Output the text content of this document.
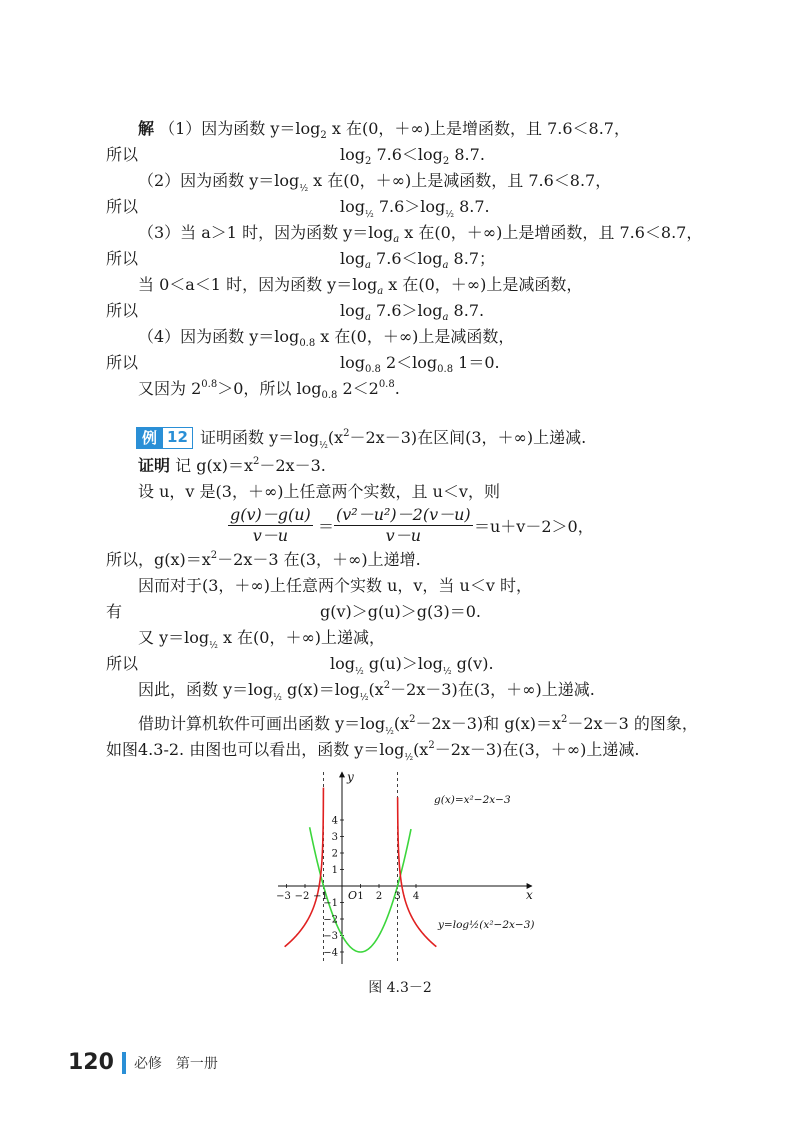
解 （1）因为函数 $y=\log_2$ x 在(0，＋∞)上是增函数，且 7.6＜8.7，
所以	$\log_2 7.6<\log_2$ 8.7.
（2）因为函数 $y=\log_{\frac{1}{2}}$ x 在(0，＋∞)上是减函数，且 7.6＜8.7，
所以	$\log_{\frac{1}{2}} 7.6>\log_{\frac{1}{2}}$ 8.7.
（3）当 a＞1 时，因为函数 $y=\log_a$ x 在(0，＋∞)上是增函数，且 7.6＜8.7，
所以	$\log_a 7.6<\log_a$ 8.7；
当 0＜a＜1 时，因为函数 $y=\log_a$ x 在(0，＋∞)上是减函数，
所以	$\log_a 7.6>\log_a$ 8.7.
（4）因为函数 $y=\log_{0.8}$ x 在(0，＋∞)上是减函数，
所以	$\log_{0.8} 2<\log_{0.8}$ 1＝0.
又因为 $2^{0.8}>0$，所以 $\log_{0.8} 2<2^{0.8}$.
例 12 证明函数 $y=\log_{\frac{1}{2}}(x^2-2x-3)$在区间(3，＋∞)上递减.
证明 记 $g(x)=x^2-2x-3$.
设 u，v 是(3，＋∞)上任意两个实数，且 u＜v，则
$\frac{g(v)-g(u)}{v-u} = \frac{\text{(v²－u²)－2(v－u)}}{v-u} =u+v-2>0$，
所以，$g(x)=x^2-2x-3$ 在(3，＋∞)上递增.
因而对于(3，＋∞)上任意两个实数 u，v，当 u＜v 时，
有	g(v)＞g(u)＞g(3)＝0.
又 $y=\log_{\frac{1}{2}}$ x 在(0，＋∞)上递减，
所以	$\log_{\frac{1}{2}} g(u)>\log_{\frac{1}{2}}$ g(v).
因此，函数 $y=\log_{\frac{1}{2}}$ $g(x)=\log_{\frac{1}{2}}(x^2-2x-3)$在(3，＋∞)上递减.
借助计算机软件可画出函数 $y=\log_{\frac{1}{2}}(x^2-2x-3)$和 $g(x)=x^2-2x-3$ 的图象，
如图4.3-2. 由图也可以看出，函数 $y=\log_{\frac{1}{2}}(x^2-2x-3)$在(3，＋∞)上递减.
−3 −2 −1	1 2 3 4
4
3
2
1
−1
−2
−3
−4
O	x
y
g(x)=x²−2x−3
y=log½(x²−2x−3)
图 4.3－2
120 必修　第一册
